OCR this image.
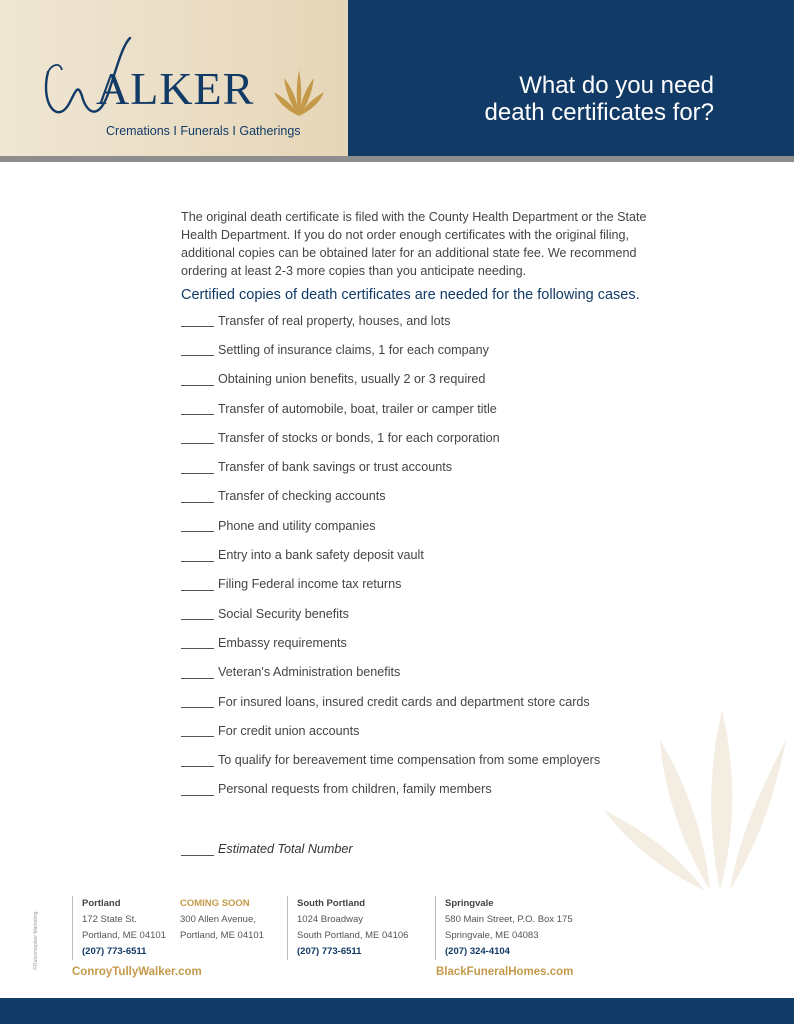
ALKER
Cremations I Funerals I Gatherings
What do you need
death certificates for?

The original death certificate is filed with the County Health Department or the State Health Department. If you do not order enough certificates with the original filing, additional copies can be obtained later for an additional state fee. We recommend ordering at least 2-3 more copies than you anticipate needing.

Certified copies of death certificates are needed for the following cases.
Transfer of real property, houses, and lots
Settling of insurance claims, 1 for each company
Obtaining union benefits, usually 2 or 3 required
Transfer of automobile, boat, trailer or camper title
Transfer of stocks or bonds, 1 for each corporation
Transfer of bank savings or trust accounts
Transfer of checking accounts
Phone and utility companies
Entry into a bank safety deposit vault
Filing Federal income tax returns
Social Security benefits
Embassy requirements
Veteran's Administration benefits
For insured loans, insured credit cards and department store cards
For credit union accounts
To qualify for bereavement time compensation from some employers
Personal requests from children, family members
Estimated Total Number
Portland
172 State St.
Portland, ME 04101
(207) 773-6511
COMING SOON
300 Allen Avenue,
Portland, ME 04101
South Portland
1024 Broadway
South Portland, ME 04106
(207) 773-6511
Springvale
580 Main Street, P.O. Box 175
Springvale, ME 04083
(207) 324-4104
ConroyTullyWalker.com	BlackFuneralHomes.com
©Outcomeplanr Marketing
